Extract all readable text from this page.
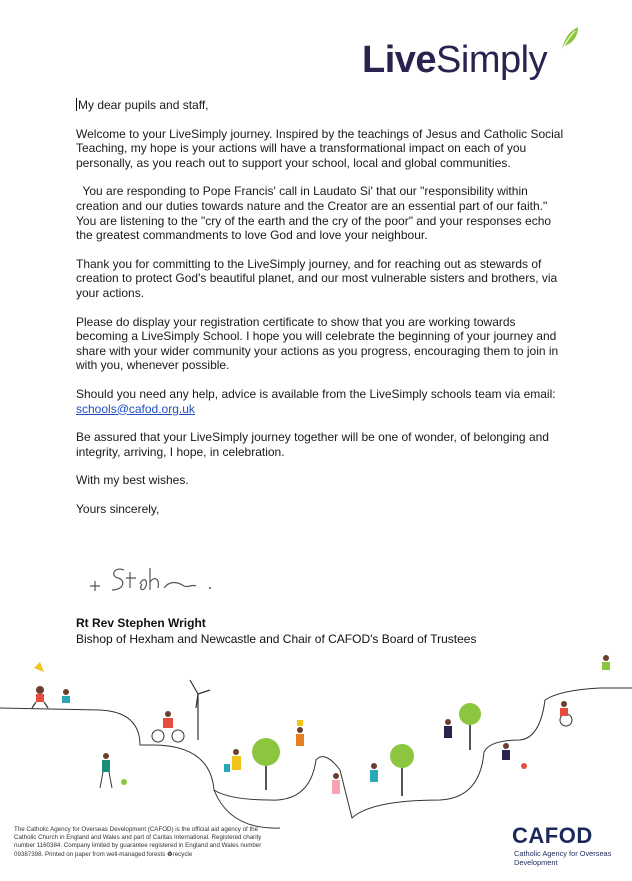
LiveSimply

My dear pupils and staff,

Welcome to your LiveSimply journey. Inspired by the teachings of Jesus and Catholic Social Teaching, my hope is your actions will have a transformational impact on each of you personally, as you reach out to support your school, local and global communities.

You are responding to Pope Francis' call in Laudato Si' that our "responsibility within creation and our duties towards nature and the Creator are an essential part of our faith." You are listening to the "cry of the earth and the cry of the poor" and your responses echo the greatest commandments to love God and love your neighbour.

Thank you for committing to the LiveSimply journey, and for reaching out as stewards of creation to protect God's beautiful planet, and our most vulnerable sisters and brothers, via your actions.

Please do display your registration certificate to show that you are working towards becoming a LiveSimply School. I hope you will celebrate the beginning of your journey and share with your wider community your actions as you progress, encouraging them to join in with you, whenever possible.

Should you need any help, advice is available from the LiveSimply schools team via email: schools@cafod.org.uk

Be assured that your LiveSimply journey together will be one of wonder, of belonging and integrity, arriving, I hope, in celebration.

With my best wishes.

Yours sincerely,

Rt Rev Stephen Wright
Bishop of Hexham and Newcastle and Chair of CAFOD's Board of Trustees
The Catholic Agency for Overseas Development (CAFOD) is the official aid agency of the Catholic Church in England and Wales and part of Caritas International. Registered charity number 1160384. Company limited by guarantee registered in England and Wales number 09387398. Printed on paper from well-managed forests ♻recycle
CAFOD
Catholic Agency for Overseas Development
